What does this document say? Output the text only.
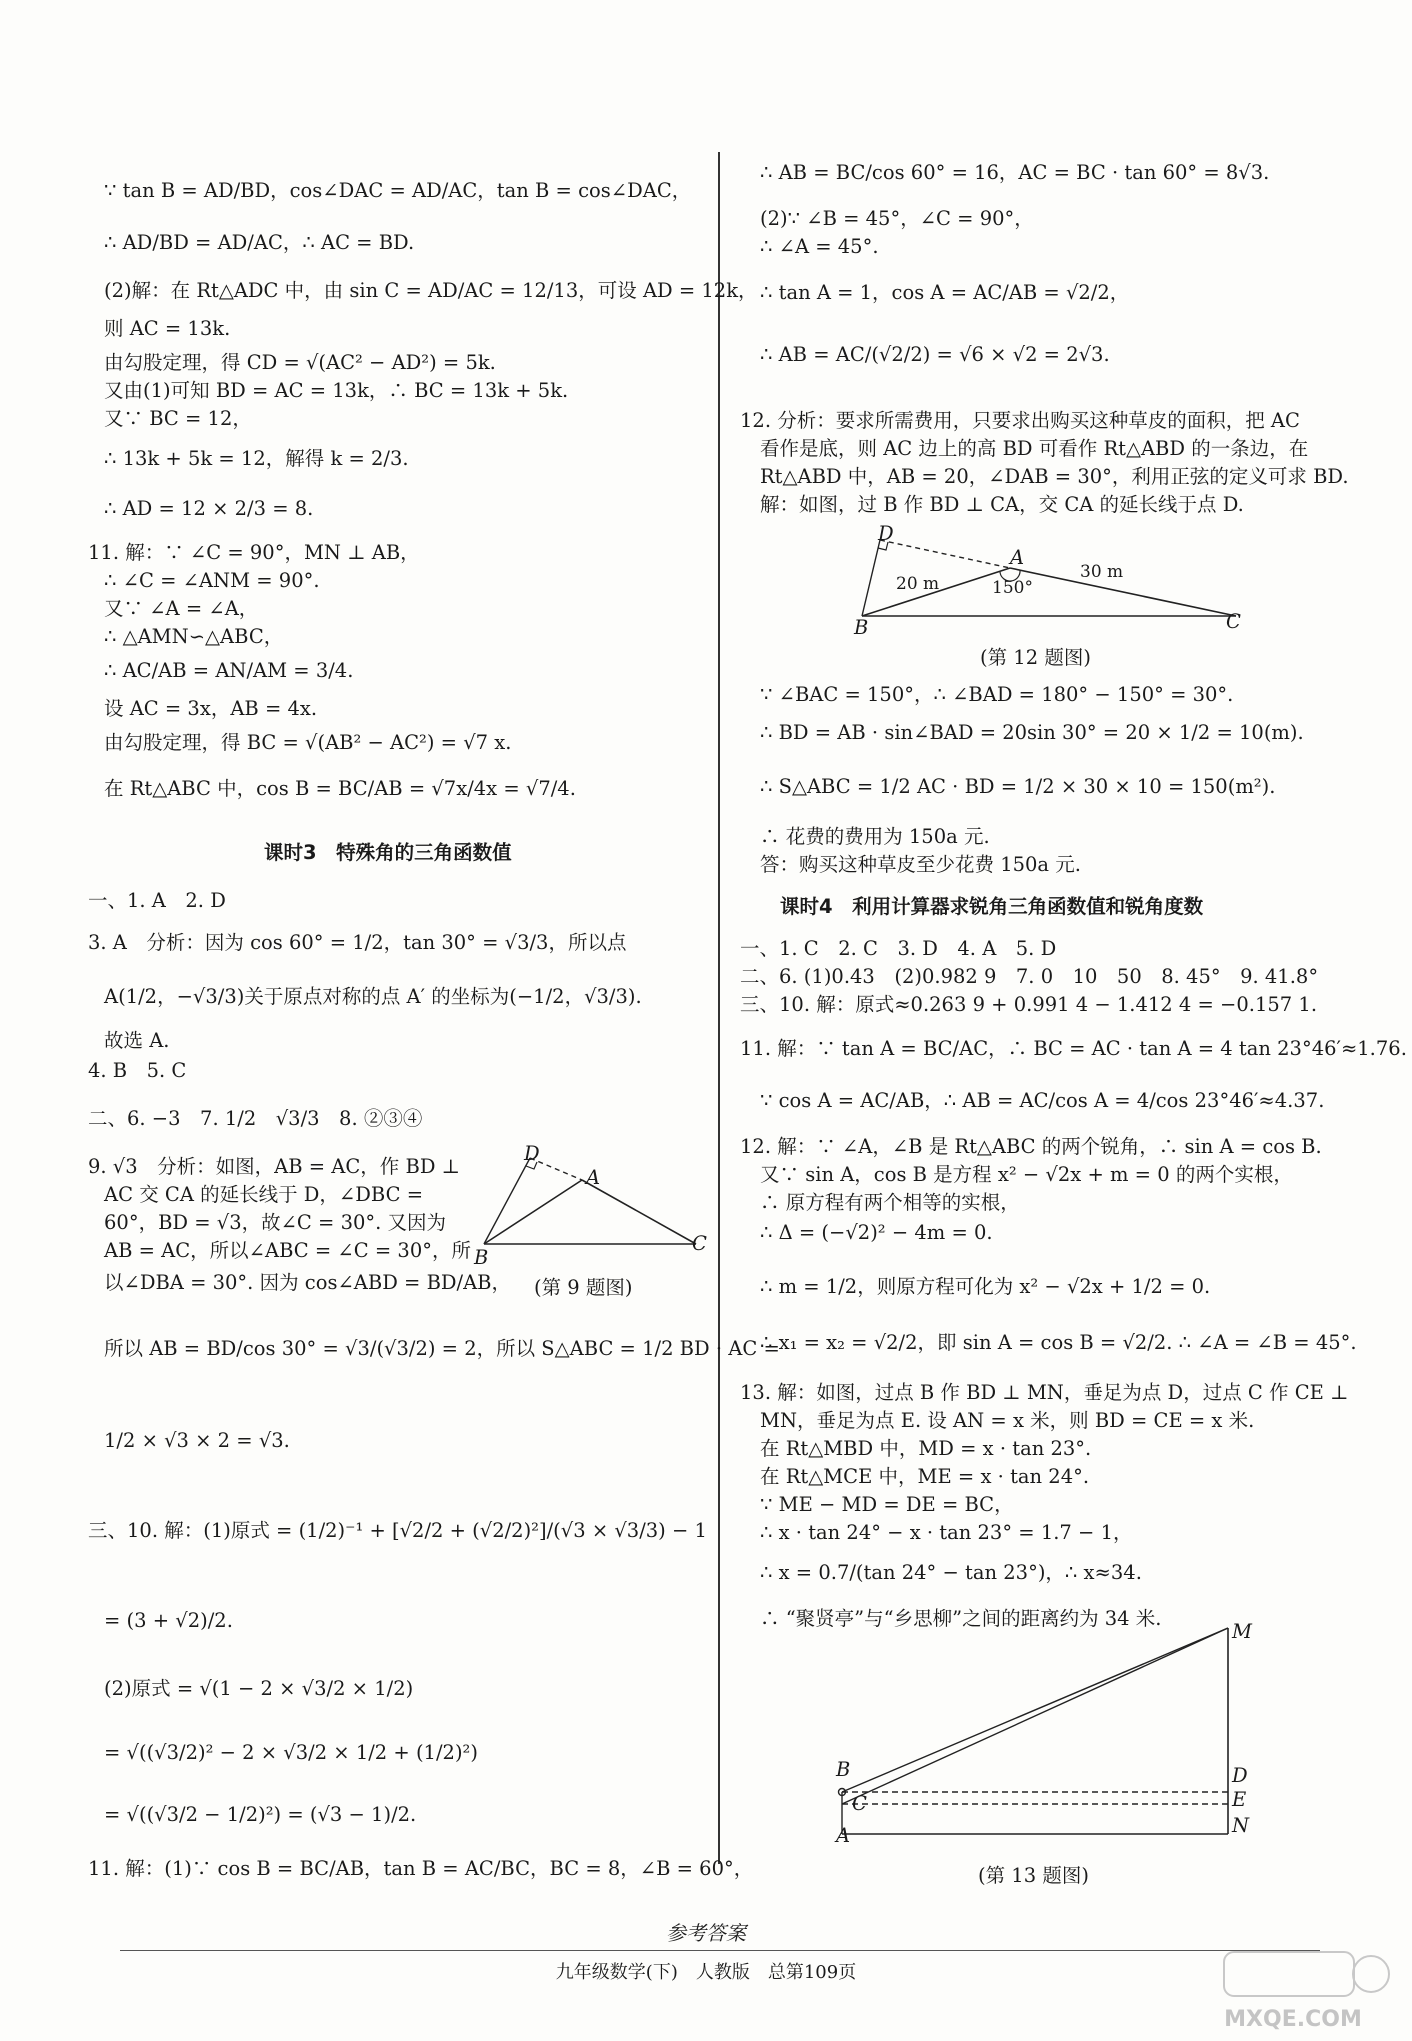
∵ tan B = AD/BD，cos∠DAC = AD/AC，tan B = cos∠DAC，
∴ AD/BD = AD/AC，∴ AC = BD.
(2)解：在 Rt△ADC 中，由 sin C = AD/AC = 12/13，可设 AD = 12k，
则 AC = 13k.
由勾股定理，得 CD = √(AC² − AD²) = 5k.
又由(1)可知 BD = AC = 13k，∴ BC = 13k + 5k.
又∵ BC = 12，
∴ 13k + 5k = 12，解得 k = 2/3.
∴ AD = 12 × 2/3 = 8.
11. 解：∵ ∠C = 90°，MN ⊥ AB，
∴ ∠C = ∠ANM = 90°.
又∵ ∠A = ∠A，
∴ △AMN∽△ABC，
∴ AC/AB = AN/AM = 3/4.
设 AC = 3x，AB = 4x.
由勾股定理，得 BC = √(AB² − AC²) = √7 x.
在 Rt△ABC 中，cos B = BC/AB = √7x/4x = √7/4.
课时3　特殊角的三角函数值
一、1. A　2. D
3. A　分析：因为 cos 60° = 1/2，tan 30° = √3/3，所以点
A(1/2，−√3/3)关于原点对称的点 A′ 的坐标为(−1/2，√3/3).
故选 A.
4. B　5. C
二、6. −3　7. 1/2　√3/3　8. ②③④
9. √3　分析：如图，AB = AC，作 BD ⊥
AC 交 CA 的延长线于 D，∠DBC =
60°，BD = √3，故∠C = 30°. 又因为
AB = AC，所以∠ABC = ∠C = 30°，所
以∠DBA = 30°. 因为 cos∠ABD = BD/AB，
所以 AB = BD/cos 30° = √3/(√3/2) = 2，所以 S△ABC = 1/2 BD · AC =
1/2 × √3 × 2 = √3.
三、10. 解：(1)原式 = (1/2)⁻¹ + [√2/2 + (√2/2)²]/(√3 × √3/3) − 1
= (3 + √2)/2.
(2)原式 = √(1 − 2 × √3/2 × 1/2)
= √((√3/2)² − 2 × √3/2 × 1/2 + (1/2)²)
= √((√3/2 − 1/2)²) = (√3 − 1)/2.
11. 解：(1)∵ cos B = BC/AB，tan B = AC/BC，BC = 8，∠B = 60°，
D
A
B
C
(第 9 题图)
∴ AB = BC/cos 60° = 16，AC = BC · tan 60° = 8√3.
(2)∵ ∠B = 45°，∠C = 90°，
∴ ∠A = 45°.
∴ tan A = 1，cos A = AC/AB = √2/2，
∴ AB = AC/(√2/2) = √6 × √2 = 2√3.
12. 分析：要求所需费用，只要求出购买这种草皮的面积，把 AC
看作是底，则 AC 边上的高 BD 可看作 Rt△ABD 的一条边，在
Rt△ABD 中，AB = 20，∠DAB = 30°，利用正弦的定义可求 BD.
解：如图，过 B 作 BD ⊥ CA，交 CA 的延长线于点 D.
∵ ∠BAC = 150°，∴ ∠BAD = 180° − 150° = 30°.
∴ BD = AB · sin∠BAD = 20sin 30° = 20 × 1/2 = 10(m).
∴ S△ABC = 1/2 AC · BD = 1/2 × 30 × 10 = 150(m²).
∴ 花费的费用为 150a 元.
答：购买这种草皮至少花费 150a 元.
课时4　利用计算器求锐角三角函数值和锐角度数
一、1. C　2. C　3. D　4. A　5. D
二、6. (1)0.43　(2)0.982 9　7. 0　10　50　8. 45°　9. 41.8°
三、10. 解：原式≈0.263 9 + 0.991 4 − 1.412 4 = −0.157 1.
11. 解：∵ tan A = BC/AC，∴ BC = AC · tan A = 4 tan 23°46′≈1.76.
∵ cos A = AC/AB，∴ AB = AC/cos A = 4/cos 23°46′≈4.37.
12. 解：∵ ∠A，∠B 是 Rt△ABC 的两个锐角，∴ sin A = cos B.
又∵ sin A，cos B 是方程 x² − √2x + m = 0 的两个实根，
∴ 原方程有两个相等的实根，
∴ Δ = (−√2)² − 4m = 0.
∴ m = 1/2，则原方程可化为 x² − √2x + 1/2 = 0.
∴ x₁ = x₂ = √2/2，即 sin A = cos B = √2/2. ∴ ∠A = ∠B = 45°.
13. 解：如图，过点 B 作 BD ⊥ MN，垂足为点 D，过点 C 作 CE ⊥
MN，垂足为点 E. 设 AN = x 米，则 BD = CE = x 米.
在 Rt△MBD 中，MD = x · tan 23°.
在 Rt△MCE 中，ME = x · tan 24°.
∵ ME − MD = DE = BC，
∴ x · tan 24° − x · tan 23° = 1.7 − 1，
∴ x = 0.7/(tan 24° − tan 23°)，∴ x≈34.
∴ “聚贤亭”与“乡思柳”之间的距离约为 34 米.
D
A
B	C
20 m
30 m
150°
(第 12 题图)
M
B
C
A
D
E
N
(第 13 题图)
参考答案
九年级数学(下)　人教版　总第109页
MXQE.COM
